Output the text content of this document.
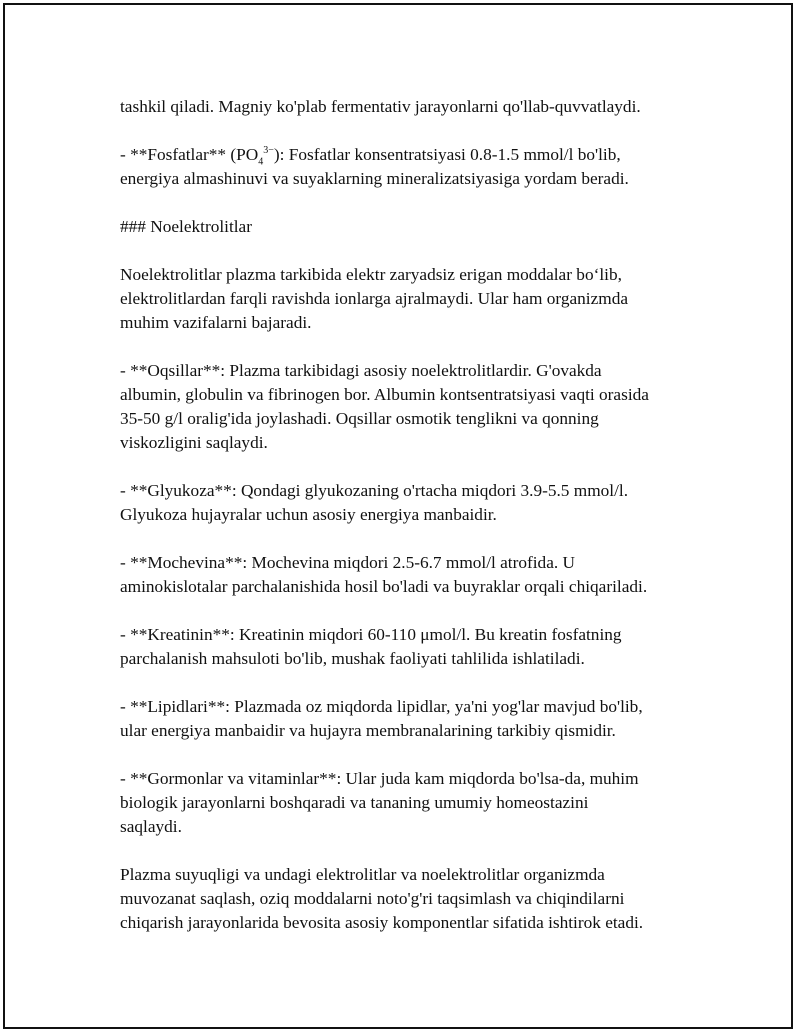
tashkil qiladi. Magniy ko'plab fermentativ jarayonlarni qo'llab-quvvatlaydi.

- **Fosfatlar** $(PO_4^{3-})$: Fosfatlar konsentratsiyasi 0.8-1.5 mmol/l bo'lib,
energiya almashinuvi va suyaklarning mineralizatsiyasiga yordam beradi.

### Noelektrolitlar

Noelektrolitlar plazma tarkibida elektr zaryadsiz erigan moddalar bo‘lib,
elektrolitlardan farqli ravishda ionlarga ajralmaydi. Ular ham organizmda
muhim vazifalarni bajaradi.

- **Oqsillar**: Plazma tarkibidagi asosiy noelektrolitlardir. G'ovakda
albumin, globulin va fibrinogen bor. Albumin kontsentratsiyasi vaqti orasida
35-50 g/l oralig'ida joylashadi. Oqsillar osmotik tenglikni va qonning
viskozligini saqlaydi.

- **Glyukoza**: Qondagi glyukozaning o'rtacha miqdori 3.9-5.5 mmol/l.
Glyukoza hujayralar uchun asosiy energiya manbaidir.

- **Mochevina**: Mochevina miqdori 2.5-6.7 mmol/l atrofida. U
aminokislotalar parchalanishida hosil bo'ladi va buyraklar orqali chiqariladi.

- **Kreatinin**: Kreatinin miqdori 60-110 μmol/l. Bu kreatin fosfatning
parchalanish mahsuloti bo'lib, mushak faoliyati tahlilida ishlatiladi.

- **Lipidlari**: Plazmada oz miqdorda lipidlar, ya'ni yog'lar mavjud bo'lib,
ular energiya manbaidir va hujayra membranalarining tarkibiy qismidir.

- **Gormonlar va vitaminlar**: Ular juda kam miqdorda bo'lsa-da, muhim
biologik jarayonlarni boshqaradi va tananing umumiy homeostazini
saqlaydi.

Plazma suyuqligi va undagi elektrolitlar va noelektrolitlar organizmda
muvozanat saqlash, oziq moddalarni noto'g'ri taqsimlash va chiqindilarni
chiqarish jarayonlarida bevosita asosiy komponentlar sifatida ishtirok etadi.
